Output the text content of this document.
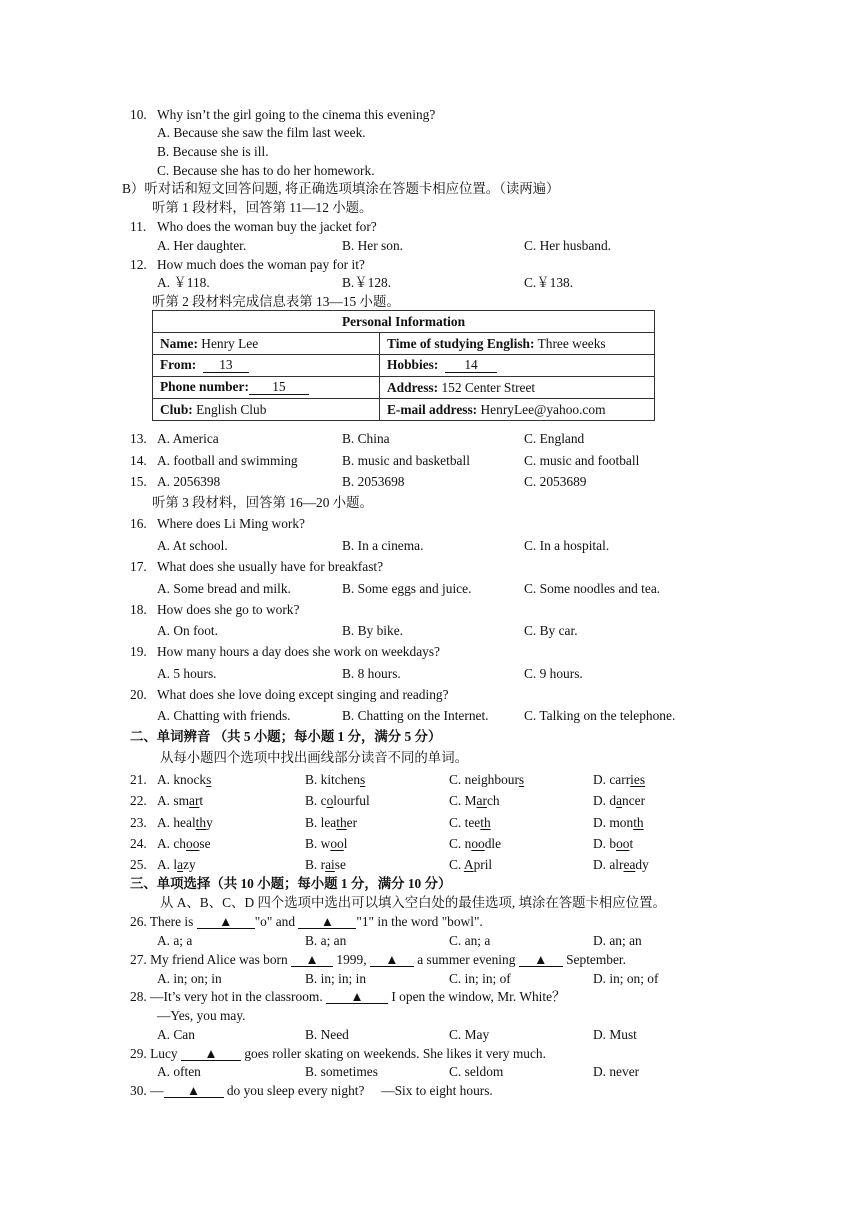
10. Why isn’t the girl going to the cinema this evening?
A. Because she saw the film last week.
B. Because she is ill.
C. Because she has to do her homework.
B）听对话和短文回答问题, 将正确选项填涂在答题卡相应位置。（读两遍）
听第 1 段材料，回答第 11—12 小题。
11. Who does the woman buy the jacket for?
A. Her daughter.	B. Her son.	C. Her husband.
12. How much does the woman pay for it?
A. ￥118.	B.￥128.	C.￥138.
听第 2 段材料完成信息表第 13—15 小题。
Personal Information	
Name: Henry Lee	Time of studying English: Three weeks
From: 13	Hobbies: 14
Phone number: 15	Address: 152 Center Street
Club: English Club	E-mail address: HenryLee@yahoo.com
13. A. America	B. China	C. England
14. A. football and swimming	B. music and basketball	C. music and football
15. A. 2056398	B. 2053698	C. 2053689
听第 3 段材料，回答第 16—20 小题。
16. Where does Li Ming work?
A. At school.	B. In a cinema.	C. In a hospital.
17. What does she usually have for breakfast?
A. Some bread and milk.	B. Some eggs and juice.	C. Some noodles and tea.
18. How does she go to work?
A. On foot.	B. By bike.	C. By car.
19. How many hours a day does she work on weekdays?
A. 5 hours.	B. 8 hours.	C. 9 hours.
20. What does she love doing except singing and reading?
A. Chatting with friends.	B. Chatting on the Internet.	C. Talking on the telephone.
二、单词辨音 （共 5 小题；每小题 1 分，满分 5 分）
从每小题四个选项中找出画线部分读音不同的单词。
21. A. knocks	B. kitchens	C. neighbours	D. carries
22. A. smart	B. colourful	C. March	D. dancer
23. A. healthy	B. leather	C. teeth	D. month
24. A. choose	B. wool	C. noodle	D. boot
25. A. lazy	B. raise	C. April	D. already
三、单项选择（共 10 小题；每小题 1 分，满分 10 分）
从 A、B、C、D 四个选项中选出可以填入空白处的最佳选项, 填涂在答题卡相应位置。
26. There is ▲ "o" and ▲ "1" in the word "bowl".
A. a; a	B. a; an	C. an; a	D. an; an
27. My friend Alice was born ▲ 1999, ▲ a summer evening ▲ September.
A. in; on; in	B. in; in; in	C. in; in; of	D. in; on; of
28. —It’s very hot in the classroom. ▲ I open the window, Mr. White？
—Yes, you may.
A. Can	B. Need	C. May	D. Must
29. Lucy ▲ goes roller skating on weekends. She likes it very much.
A. often	B. sometimes	C. seldom	D. never
30. — ▲ do you sleep every night? —Six to eight hours.
